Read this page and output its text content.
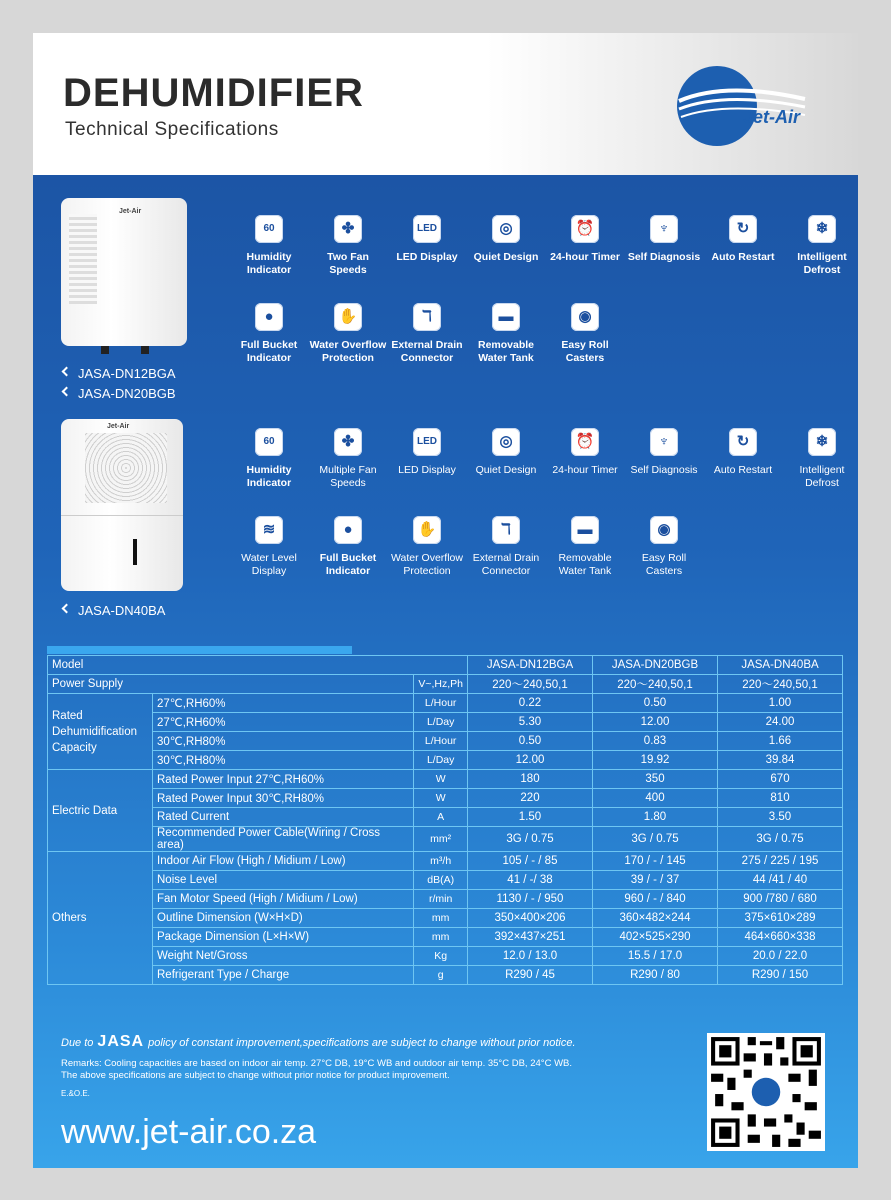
DEHUMIDIFIER
Technical Specifications
Jet-Air
Jet-Air
JASA-DN12BGA
JASA-DN20BGB
Jet-Air
JASA-DN40BA
60
Humidity Indicator
✤
Two Fan Speeds
LED
LED Display
◎
Quiet Design
⏰
24-hour Timer
♆
Self Diagnosis
↻
Auto Restart
❄
Intelligent Defrost
●
Full Bucket Indicator
✋
Water Overflow Protection
ℸ
External Drain Connector
▬
Removable Water Tank
◉
Easy Roll Casters
60
Humidity Indicator
✤
Multiple Fan Speeds
LED
LED Display
◎
Quiet Design
⏰
24-hour Timer
♆
Self Diagnosis
↻
Auto Restart
❄
Intelligent Defrost
≋
Water Level Display
●
Full Bucket Indicator
✋
Water Overflow Protection
ℸ
External Drain Connector
▬
Removable Water Tank
◉
Easy Roll Casters
Model			JASA-DN12BGA	JASA-DN20BGB	JASA-DN40BA
Power Supply		V~,Hz,Ph	220～240,50,1	220～240,50,1	220～240,50,1
Rated Dehumidification Capacity	27℃,RH60%	L/Hour	0.22	0.50	1.00
	27℃,RH60%	L/Day	5.30	12.00	24.00
	30℃,RH80%	L/Hour	0.50	0.83	1.66
	30℃,RH80%	L/Day	12.00	19.92	39.84
Electric Data	Rated Power Input 27℃,RH60%	W	180	350	670
	Rated Power Input 30℃,RH80%	W	220	400	810
	Rated Current	A	1.50	1.80	3.50
	Recommended Power Cable(Wiring / Cross area)	mm²	3G / 0.75	3G / 0.75	3G / 0.75
Others	Indoor Air Flow (High / Midium / Low)	m³/h	105 / - / 85	170 / - / 145	275 / 225 / 195
	Noise Level	dB(A)	41 / -/ 38	39 / - / 37	44 /41 / 40
	Fan Motor Speed (High / Midium / Low)	r/min	1130 / - / 950	960 / - / 840	900 /780 / 680
	Outline Dimension (W×H×D)	mm	350×400×206	360×482×244	375×610×289
	Package Dimension (L×H×W)	mm	392×437×251	402×525×290	464×660×338
	Weight Net/Gross	Kg	12.0 / 13.0	15.5 / 17.0	20.0 / 22.0
	Refrigerant Type / Charge	g	R290 / 45	R290 / 80	R290 / 150
Due to JASA policy of constant improvement,specifications are subject to change without prior notice.
Remarks: Cooling capacities are based on indoor air temp. 27°C DB, 19°C WB and outdoor air temp. 35°C DB, 24°C WB. The above specifications are subject to change without prior notice for product improvement.
E.&O.E.
www.jet-air.co.za
